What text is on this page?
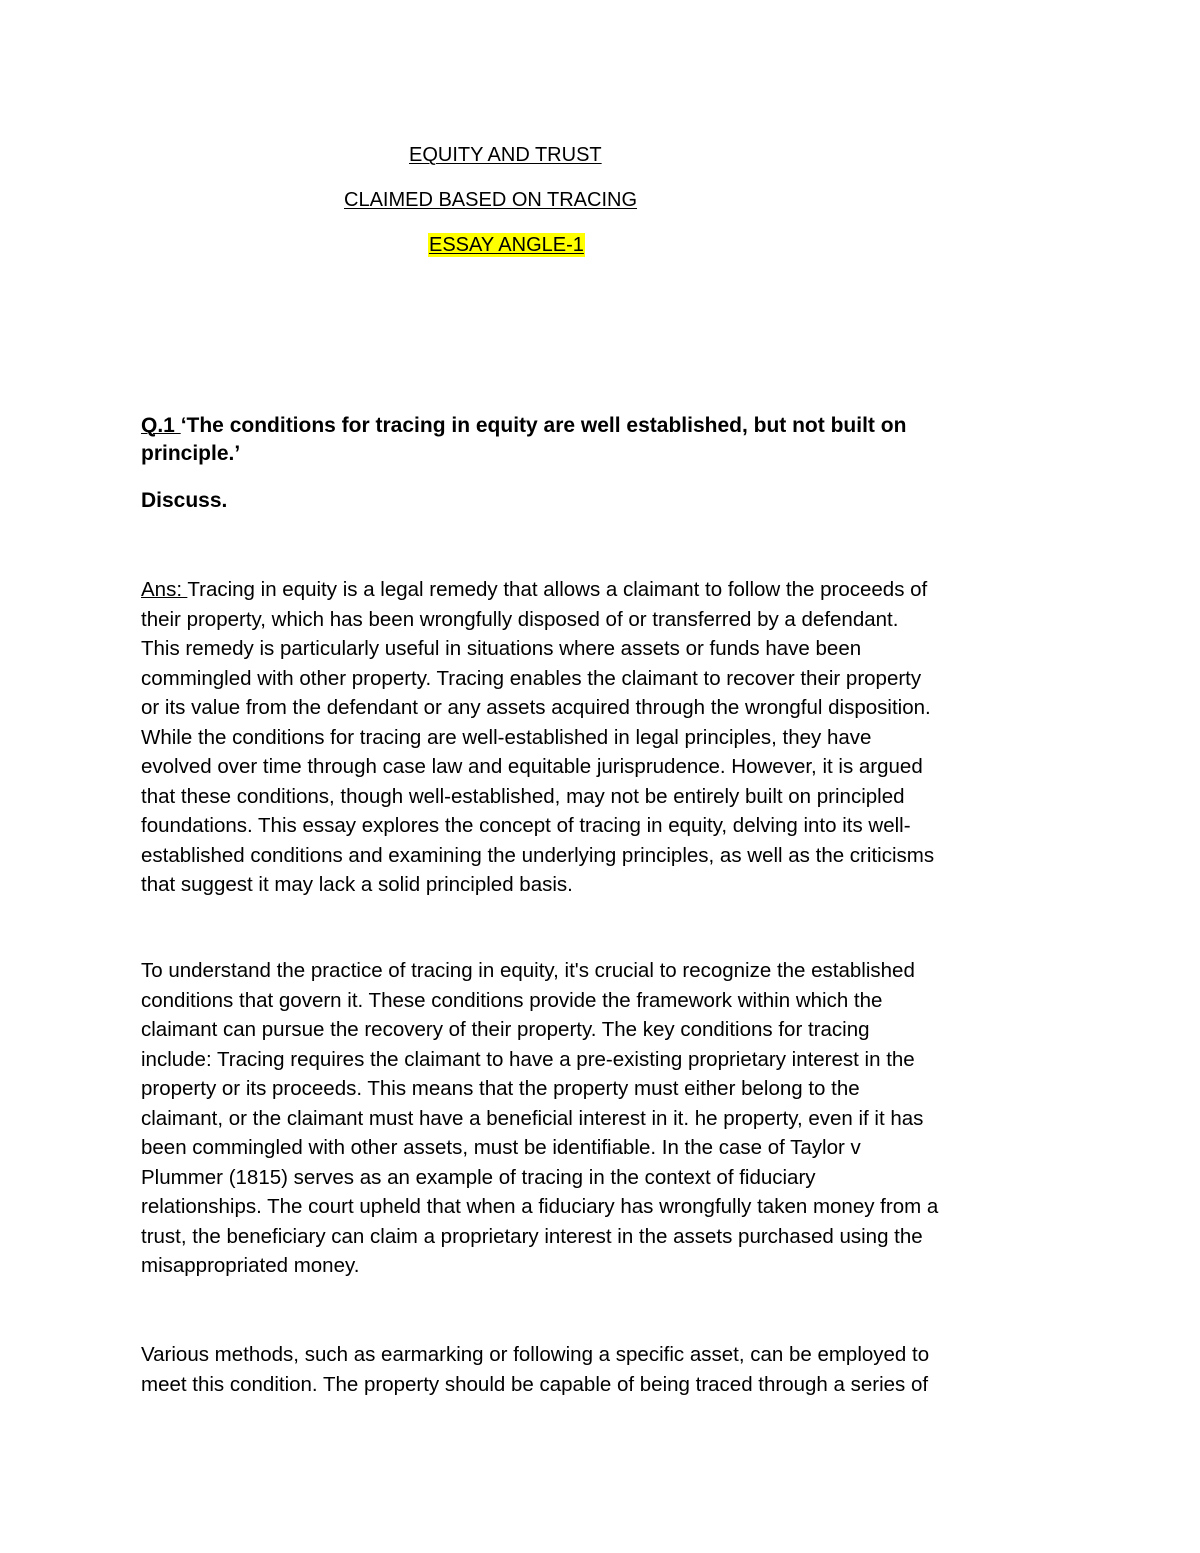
EQUITY AND TRUST
CLAIMED BASED ON TRACING
ESSAY ANGLE-1
Q.1 ‘The conditions for tracing in equity are well established, but not built on
principle.’
Discuss.
Ans: Tracing in equity is a legal remedy that allows a claimant to follow the proceeds of
their property, which has been wrongfully disposed of or transferred by a defendant.
This remedy is particularly useful in situations where assets or funds have been
commingled with other property. Tracing enables the claimant to recover their property
or its value from the defendant or any assets acquired through the wrongful disposition.
While the conditions for tracing are well-established in legal principles, they have
evolved over time through case law and equitable jurisprudence. However, it is argued
that these conditions, though well-established, may not be entirely built on principled
foundations. This essay explores the concept of tracing in equity, delving into its well-
established conditions and examining the underlying principles, as well as the criticisms
that suggest it may lack a solid principled basis.
To understand the practice of tracing in equity, it's crucial to recognize the established
conditions that govern it. These conditions provide the framework within which the
claimant can pursue the recovery of their property. The key conditions for tracing
include: Tracing requires the claimant to have a pre-existing proprietary interest in the
property or its proceeds. This means that the property must either belong to the
claimant, or the claimant must have a beneficial interest in it. he property, even if it has
been commingled with other assets, must be identifiable. In the case of Taylor v
Plummer (1815) serves as an example of tracing in the context of fiduciary
relationships. The court upheld that when a fiduciary has wrongfully taken money from a
trust, the beneficiary can claim a proprietary interest in the assets purchased using the
misappropriated money.
Various methods, such as earmarking or following a specific asset, can be employed to
meet this condition. The property should be capable of being traced through a series of
